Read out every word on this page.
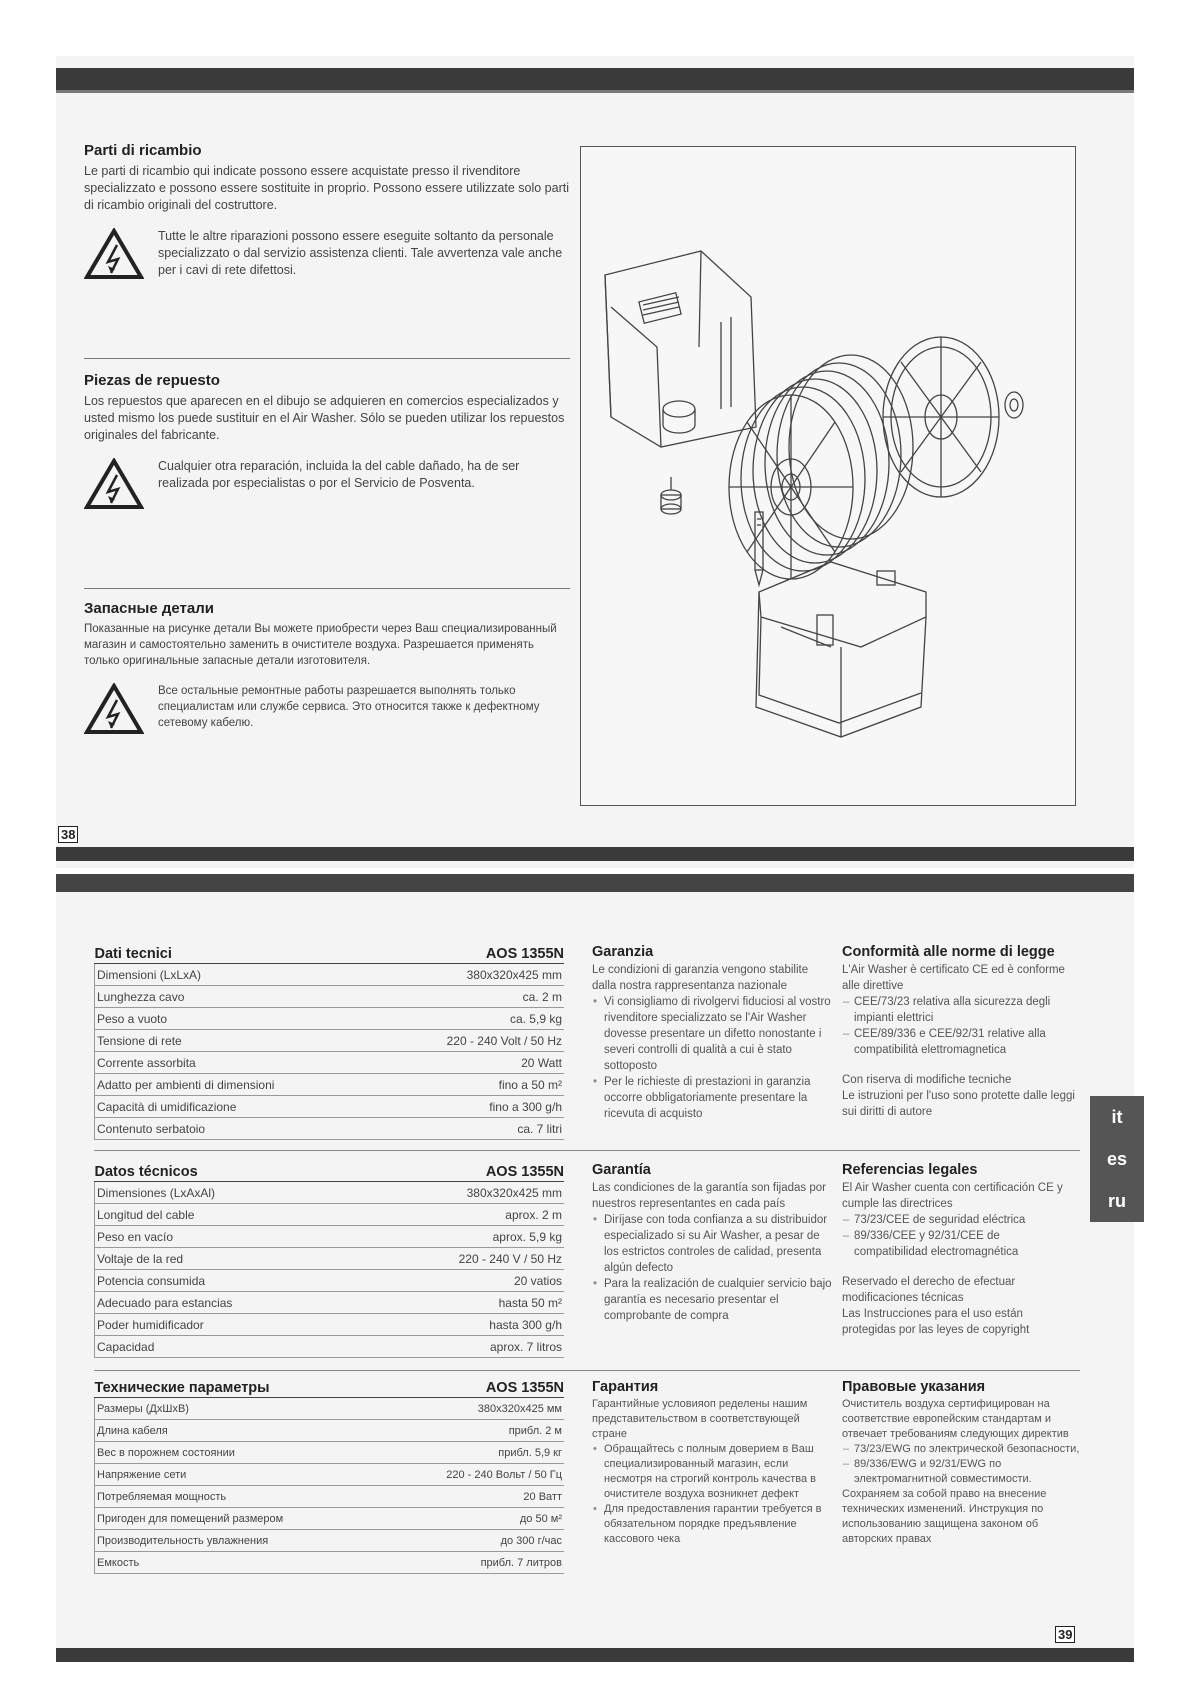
Parti di ricambio

Le parti di ricambio qui indicate possono essere acquistate presso il rivenditore specializzato e possono essere sostituite in proprio. Possono essere utilizzate solo parti di ricambio originali del costruttore.

Tutte le altre riparazioni possono essere eseguite soltanto da personale specializzato o dal servizio assistenza clienti. Tale avvertenza vale anche per i cavi di rete difettosi.

Piezas de repuesto

Los repuestos que aparecen en el dibujo se adquieren en comercios especializados y usted mismo los puede sustituir en el Air Washer. Sólo se pueden utilizar los repuestos originales del fabricante.

Cualquier otra reparación, incluida la del cable dañado, ha de ser realizada por especialistas o por el Servicio de Posventa.

Запасные детали

Показанные на рисунке детали Вы можете приобрести через Ваш специализированный магазин и самостоятельно заменить в очистителе воздуха. Разрешается применять только оригинальные запасные детали изготовителя.

Все остальные ремонтные работы разрешается выполнять только специалистам или службе сервиса. Это относится также к дефектному сетевому кабелю.

38
Dati tecnici	AOS 1355N
Dimensioni (LxLxA)	380x320x425 mm
Lunghezza cavo	ca. 2 m
Peso a vuoto	ca. 5,9 kg
Tensione di rete	220 - 240 Volt / 50 Hz
Corrente assorbita	20 Watt
Adatto per ambienti di dimensioni	fino a 50 m²
Capacità di umidificazione	fino a 300 g/h
Contenuto serbatoio	ca. 7 litri
Garanzia

Le condizioni di garanzia vengono stabilite dalla nostra rappresentanza nazionale

• Vi consigliamo di rivolgervi fiduciosi al vostro rivenditore specializzato se l'Air Washer dovesse presentare un difetto nonostante i severi controlli di qualità a cui è stato sottoposto
• Per le richieste di prestazioni in garanzia occorre obbligatoriamente presentare la ricevuta di acquisto
Conformità alle norme di legge

L'Air Washer è certificato CE ed è conforme alle direttive

– CEE/73/23 relativa alla sicurezza degli impianti elettrici
– CEE/89/336 e CEE/92/31 relative alla compatibilità elettromagnetica

Con riserva di modifiche tecniche

Le istruzioni per l'uso sono protette dalle leggi sui diritti di autore

Datos técnicos	AOS 1355N
Dimensiones (LxAxAl)	380x320x425 mm
Longitud del cable	aprox. 2 m
Peso en vacío	aprox. 5,9 kg
Voltaje de la red	220 - 240 V / 50 Hz
Potencia consumida	20 vatios
Adecuado para estancias	hasta 50 m²
Poder humidificador	hasta 300 g/h
Capacidad	aprox. 7 litros
Garantía

Las condiciones de la garantía son fijadas por nuestros representantes en cada país

• Diríjase con toda confianza a su distribuidor especializado si su Air Washer, a pesar de los estrictos controles de calidad, presenta algún defecto
• Para la realización de cualquier servicio bajo garantía es necesario presentar el comprobante de compra
Referencias legales

El Air Washer cuenta con certificación CE y cumple las directrices

– 73/23/CEE de seguridad eléctrica
– 89/336/CEE y 92/31/CEE de compatibilidad electromagnética

Reservado el derecho de efectuar modificaciones técnicas

Las Instrucciones para el uso están protegidas por las leyes de copyright

Технические параметры	AOS 1355N
Размеры (ДxШxВ)	380x320x425 мм
Длина кабеля	прибл. 2 м
Вес в порожнем состоянии	прибл. 5,9 кг
Напряжение сети	220 - 240 Вольт / 50 Гц
Потребляемая мощность	20 Ватт
Пригоден для помещений размером	до 50 м²
Производительность увлажнения	до 300 г/час
Емкость	прибл. 7 литров
Гарантия

Гарантийные условияоп ределены нашим представительством в соответствующей стране

• Обращайтесь с полным доверием в Ваш специализированный магазин, если несмотря на строгий контроль качества в очистителе воздуха возникнет дефект
• Для предоставления гарантии требуется в обязательном порядке предъявление кассового чека
Правовые указания

Очиститель воздуха сертифицирован на соответствие европейским стандартам и отвечает требованиям следующих директив

– 73/23/EWG по электрической безопасности,
– 89/336/EWG и 92/31/EWG по электромагнитной совместимости.

Сохраняем за собой право на внесение технических изменений. Инструкция по использованию защищена законом об авторских правах

it
es
ru
39
